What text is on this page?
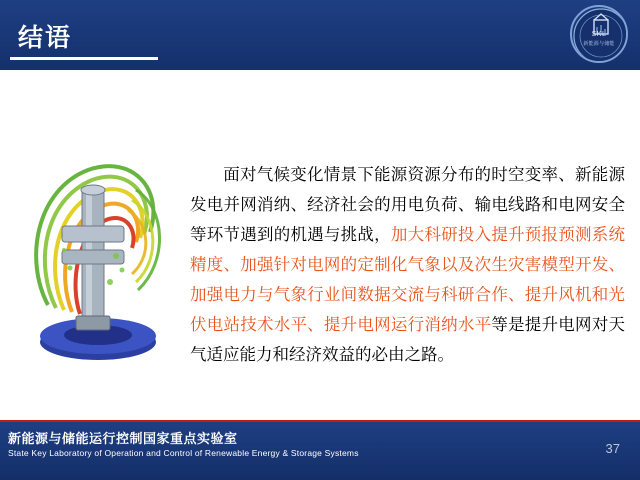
结语	SKL
新能源与储能
面对气候变化情景下能源资源分布的时空变率、新能源发电并网消纳、经济社会的用电负荷、输电线路和电网安全等环节遇到的机遇与挑战，加大科研投入提升预报预测系统精度、加强针对电网的定制化气象以及次生灾害模型开发、加强电力与气象行业间数据交流与科研合作、提升风机和光伏电站技术水平、提升电网运行消纳水平等是提升电网对天气适应能力和经济效益的必由之路。
新能源与储能运行控制国家重点实验室
State Key Laboratory of Operation and Control of Renewable Energy & Storage Systems	37
